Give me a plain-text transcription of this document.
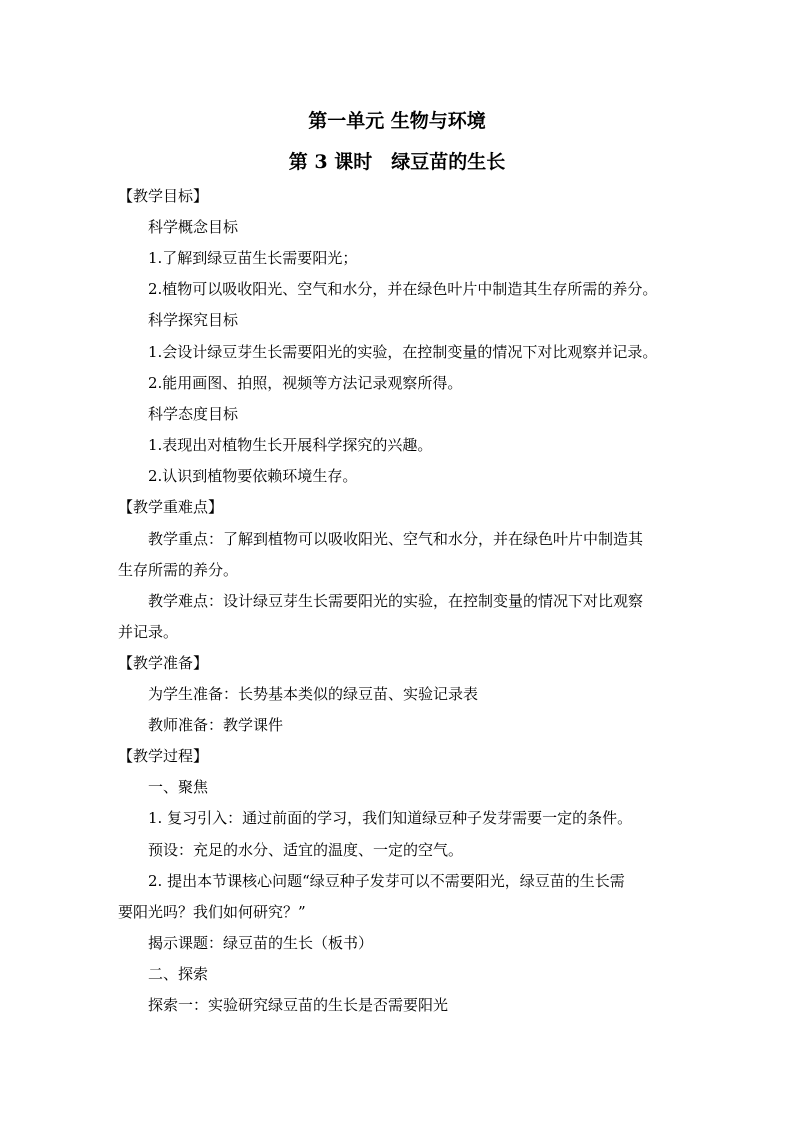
第一单元 生物与环境
第 3 课时　绿豆苗的生长
【教学目标】
科学概念目标
1.了解到绿豆苗生长需要阳光；
2.植物可以吸收阳光、空气和水分，并在绿色叶片中制造其生存所需的养分。
科学探究目标
1.会设计绿豆芽生长需要阳光的实验，在控制变量的情况下对比观察并记录。
2.能用画图、拍照，视频等方法记录观察所得。
科学态度目标
1.表现出对植物生长开展科学探究的兴趣。
2.认识到植物要依赖环境生存。
【教学重难点】
教学重点：了解到植物可以吸收阳光、空气和水分，并在绿色叶片中制造其
生存所需的养分。
教学难点：设计绿豆芽生长需要阳光的实验，在控制变量的情况下对比观察
并记录。
【教学准备】
为学生准备：长势基本类似的绿豆苗、实验记录表
教师准备：教学课件
【教学过程】
一、聚焦
1. 复习引入：通过前面的学习，我们知道绿豆种子发芽需要一定的条件。
预设：充足的水分、适宜的温度、一定的空气。
2. 提出本节课核心问题“绿豆种子发芽可以不需要阳光，绿豆苗的生长需
要阳光吗？我们如何研究？”
揭示课题：绿豆苗的生长（板书）
二、探索
探索一：实验研究绿豆苗的生长是否需要阳光
